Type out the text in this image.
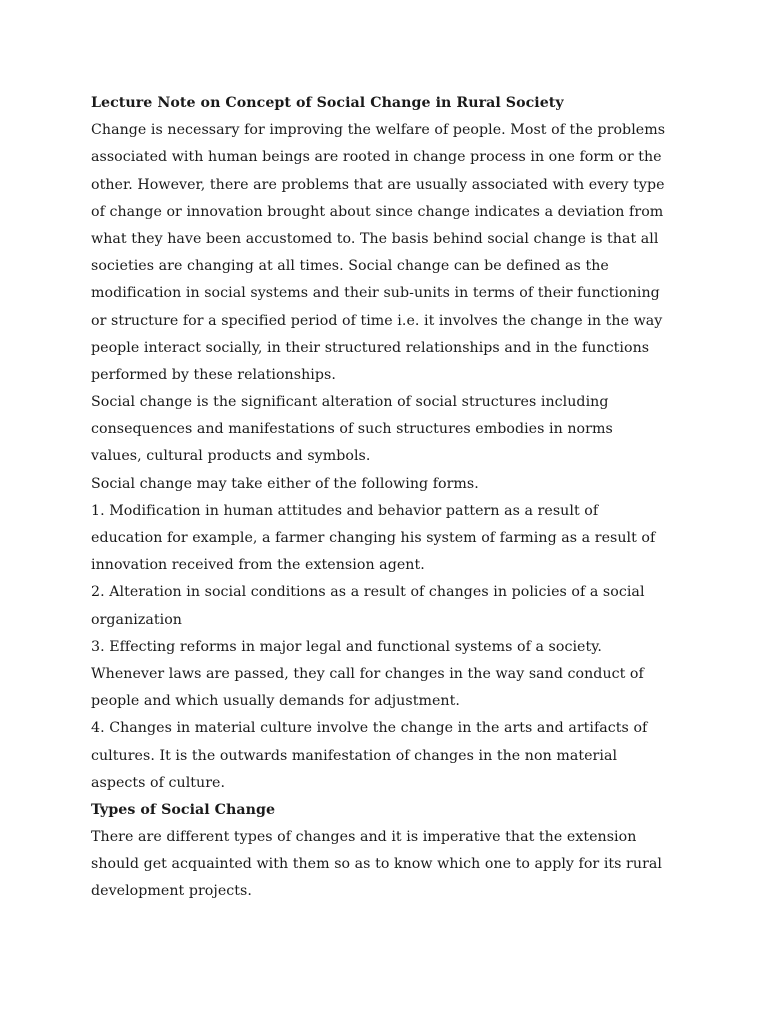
Lecture Note on Concept of Social Change in Rural Society
Change is necessary for improving the welfare of people. Most of the problems
associated with human beings are rooted in change process in one form or the
other. However, there are problems that are usually associated with every type
of change or innovation brought about since change indicates a deviation from
what they have been accustomed to. The basis behind social change is that all
societies are changing at all times. Social change can be defined as the
modification in social systems and their sub-units in terms of their functioning
or structure for a specified period of time i.e. it involves the change in the way
people interact socially, in their structured relationships and in the functions
performed by these relationships.
Social change is the significant alteration of social structures including
consequences and manifestations of such structures embodies in norms
values, cultural products and symbols.
Social change may take either of the following forms.
1. Modification in human attitudes and behavior pattern as a result of
education for example, a farmer changing his system of farming as a result of
innovation received from the extension agent.
2. Alteration in social conditions as a result of changes in policies of a social
organization
3. Effecting reforms in major legal and functional systems of a society.
Whenever laws are passed, they call for changes in the way sand conduct of
people and which usually demands for adjustment.
4. Changes in material culture involve the change in the arts and artifacts of
cultures. It is the outwards manifestation of changes in the non material
aspects of culture.
Types of Social Change
There are different types of changes and it is imperative that the extension
should get acquainted with them so as to know which one to apply for its rural
development projects.
